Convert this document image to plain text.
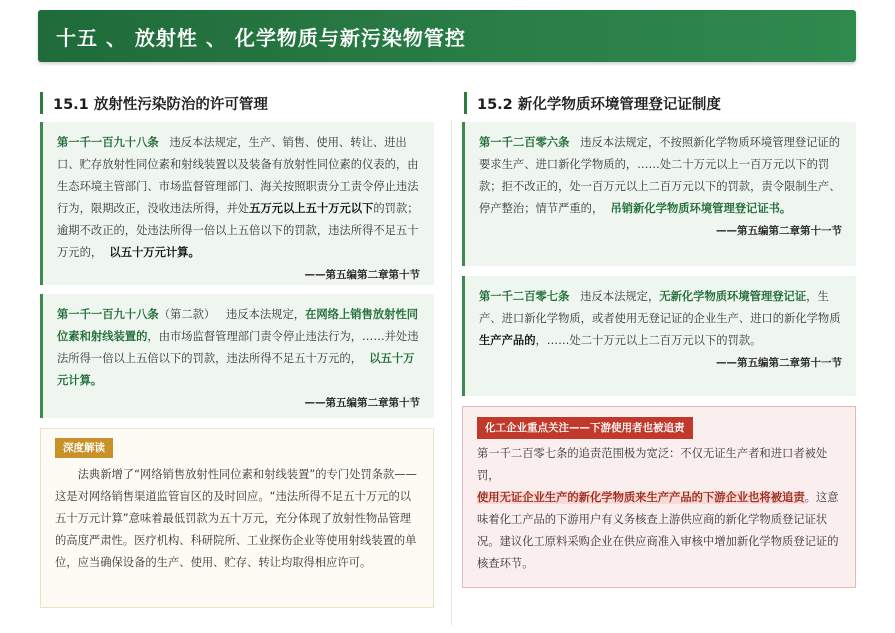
十五 、 放射性 、 化学物质与新污染物管控
15.1 放射性污染防治的许可管理	15.2 新化学物质环境管理登记证制度
第一千一百九十八条 违反本法规定，生产、销售、使用、转让、进出口、贮存放射性同位素和射线装置以及装备有放射性同位素的仪表的，由生态环境主管部门、市场监督管理部门、海关按照职责分工责令停止违法行为，限期改正，没收违法所得，并处五万元以上五十万元以下的罚款；逾期不改正的，处违法所得一倍以上五倍以下的罚款，违法所得不足五十万元的， 以五十万元计算。
——第五编第二章第十节
第一千一百九十八条（第二款） 违反本法规定，在网络上销售放射性同位素和射线装置的，由市场监督管理部门责令停止违法行为，……并处违法所得一倍以上五倍以下的罚款，违法所得不足五十万元的， 以五十万元计算。
——第五编第二章第十节
深度解读

法典新增了“网络销售放射性同位素和射线装置”的专门处罚条款——这是对网络销售渠道监管盲区的及时回应。“违法所得不足五十万元的以五十万元计算”意味着最低罚款为五十万元，充分体现了放射性物品管理的高度严肃性。医疗机构、科研院所、工业探伤企业等使用射线装置的单位，应当确保设备的生产、使用、贮存、转让均取得相应许可。

第一千二百零六条 违反本法规定，不按照新化学物质环境管理登记证的要求生产、进口新化学物质的，……处二十万元以上一百万元以下的罚款；拒不改正的，处一百万元以上二百万元以下的罚款，责令限制生产、停产整治；情节严重的， 吊销新化学物质环境管理登记证书。
——第五编第二章第十一节
第一千二百零七条 违反本法规定，无新化学物质环境管理登记证，生产、进口新化学物质，或者使用无登记证的企业生产、进口的新化学物质生产产品的，……处二十万元以上二百万元以下的罚款。
——第五编第二章第十一节
化工企业重点关注——下游使用者也被追责
第一千二百零七条的追责范围极为宽泛：不仅无证生产者和进口者被处罚，
使用无证企业生产的新化学物质来生产产品的下游企业也将被追责。这意味着化工产品的下游用户有义务核查上游供应商的新化学物质登记证状况。建议化工原料采购企业在供应商准入审核中增加新化学物质登记证的核查环节。
